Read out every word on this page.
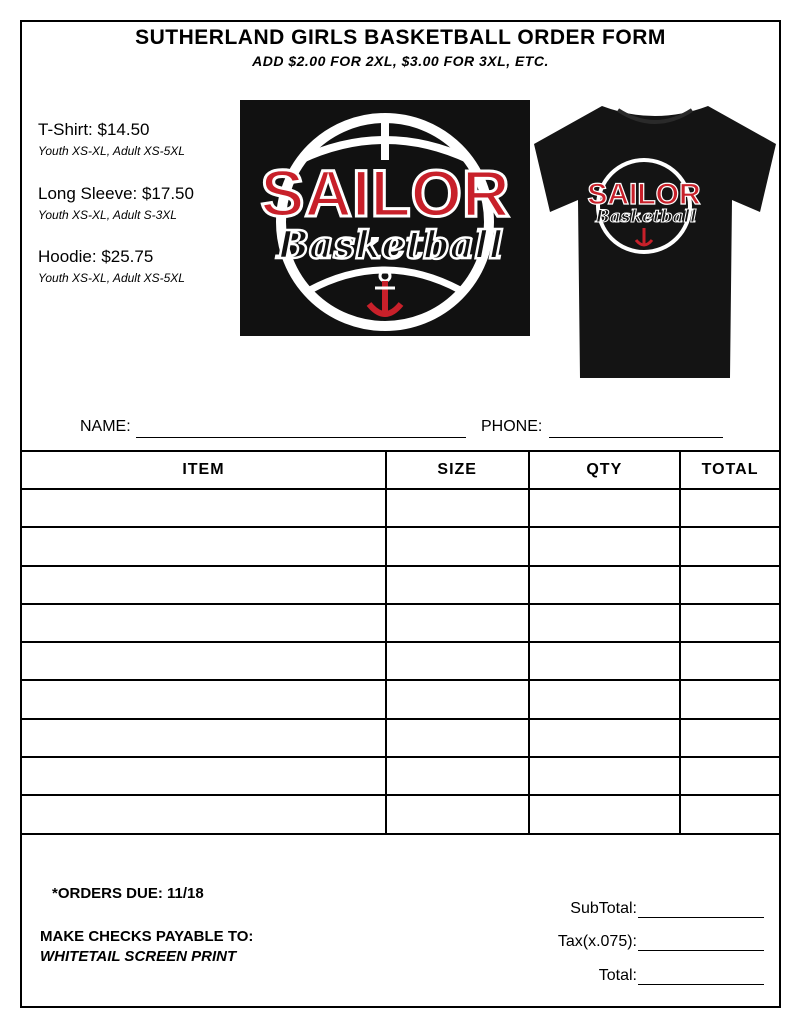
SUTHERLAND GIRLS BASKETBALL ORDER FORM
ADD $2.00 FOR 2XL, $3.00 FOR 3XL, ETC.
T-Shirt: $14.50
Youth XS-XL, Adult XS-5XL
Long Sleeve: $17.50
Youth XS-XL, Adult S-3XL
Hoodie: $25.75
Youth XS-XL, Adult XS-5XL
SAILOR
Basketball
SAILOR
Basketball
NAME:	PHONE:
ITEM	SIZE	QTY	TOTAL

*ORDERS DUE: 11/18
MAKE CHECKS PAYABLE TO:
WHITETAIL SCREEN PRINT
SubTotal:
Tax(x.075):
Total:
